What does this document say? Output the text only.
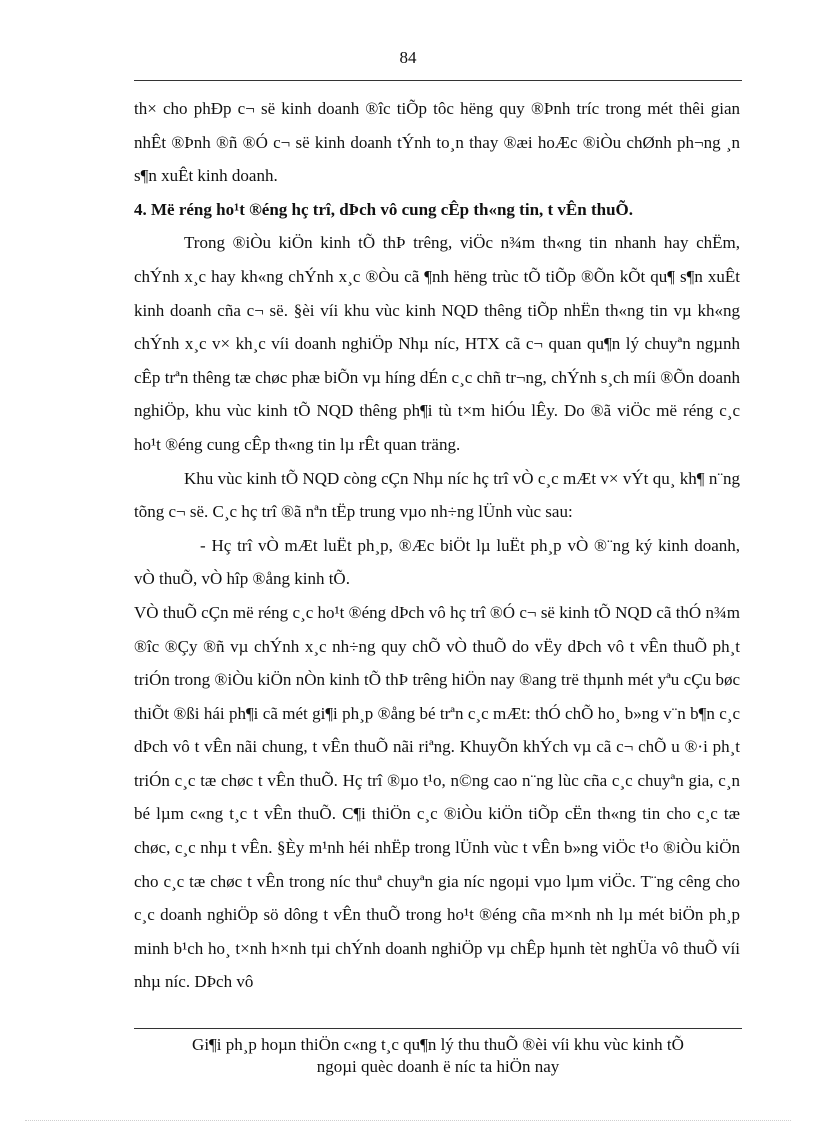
84

th× cho phÐp c¬ së kinh doanh ®îc tiÕp tôc hëng quy ®Þnh tríc trong mét thêi gian nhÊt ®Þnh ®ñ ®Ó c¬ së kinh doanh tÝnh to¸n thay ®æi hoÆc ®iÒu chØnh ph¬ng ¸n s¶n xuÊt kinh doanh.

4. Më réng ho¹t ®éng hç trî, dÞch vô cung cÊp th«ng tin, t vÊn thuÕ.

Trong ®iÒu kiÖn kinh tÕ thÞ trêng, viÖc n¾m th«ng tin nhanh hay chËm, chÝnh x¸c hay kh«ng chÝnh x¸c ®Òu cã ¶nh hëng trùc tÕ tiÕp ®Õn kÕt qu¶ s¶n xuÊt kinh doanh cña c¬ së. §èi víi khu vùc kinh NQD thêng tiÕp nhËn th«ng tin vµ kh«ng chÝnh x¸c v× kh¸c víi doanh nghiÖp Nhµ níc, HTX cã c¬ quan qu¶n lý chuyªn ngµnh cÊp trªn thêng tæ chøc phæ biÕn vµ híng dÉn c¸c chñ tr¬ng, chÝnh s¸ch míi ®Õn doanh nghiÖp, khu vùc kinh tÕ NQD thêng ph¶i tù t×m hiÓu lÊy. Do ®ã viÖc më réng c¸c ho¹t ®éng cung cÊp th«ng tin lµ rÊt quan träng.

Khu vùc kinh tÕ NQD còng cÇn Nhµ níc hç trî vÒ c¸c mÆt v× vÝt qu¸ kh¶ n¨ng tõng c¬ së. C¸c hç trî ®ã nªn tËp trung vµo nh÷ng lÜnh vùc sau:

- Hç trî vÒ mÆt luËt ph¸p, ®Æc biÖt lµ luËt ph¸p vÒ ®¨ng ký kinh doanh, vÒ thuÕ, vÒ hîp ®ång kinh tÕ.

VÒ thuÕ cÇn më réng c¸c ho¹t ®éng dÞch vô hç trî ®Ó c¬ së kinh tÕ NQD cã thÓ n¾m ®îc ®Çy ®ñ vµ chÝnh x¸c nh÷ng quy chÕ vÒ thuÕ do vËy dÞch vô t vÊn thuÕ ph¸t triÓn trong ®iÒu kiÖn nÒn kinh tÕ thÞ trêng hiÖn nay ®ang trë thµnh mét yªu cÇu bøc thiÕt ®ßi hái ph¶i cã mét gi¶i ph¸p ®ång bé trªn c¸c mÆt: thÓ chÕ ho¸ b»ng v¨n b¶n c¸c dÞch vô t vÊn nãi chung, t vÊn thuÕ nãi riªng. KhuyÕn khÝch vµ cã c¬ chÕ u ®·i ph¸t triÓn c¸c tæ chøc t vÊn thuÕ. Hç trî ®µo t¹o, n©ng cao n¨ng lùc cña c¸c chuyªn gia, c¸n bé lµm c«ng t¸c t vÊn thuÕ. C¶i thiÖn c¸c ®iÒu kiÖn tiÕp cËn th«ng tin cho c¸c tæ chøc, c¸c nhµ t vÊn. §Èy m¹nh héi nhËp trong lÜnh vùc t vÊn b»ng viÖc t¹o ®iÒu kiÖn cho c¸c tæ chøc t vÊn trong níc thuª chuyªn gia níc ngoµi vµo lµm viÖc. T¨ng cêng cho c¸c doanh nghiÖp sö dông t vÊn thuÕ trong ho¹t ®éng cña m×nh nh lµ mét biÖn ph¸p minh b¹ch ho¸ t×nh h×nh tµi chÝnh doanh nghiÖp vµ chÊp hµnh tèt nghÜa vô thuÕ víi nhµ níc. DÞch vô

Gi¶i ph¸p hoµn thiÖn c«ng t¸c qu¶n lý thu thuÕ ®èi víi khu vùc kinh tÕ
ngoµi quèc doanh ë níc ta hiÖn nay
